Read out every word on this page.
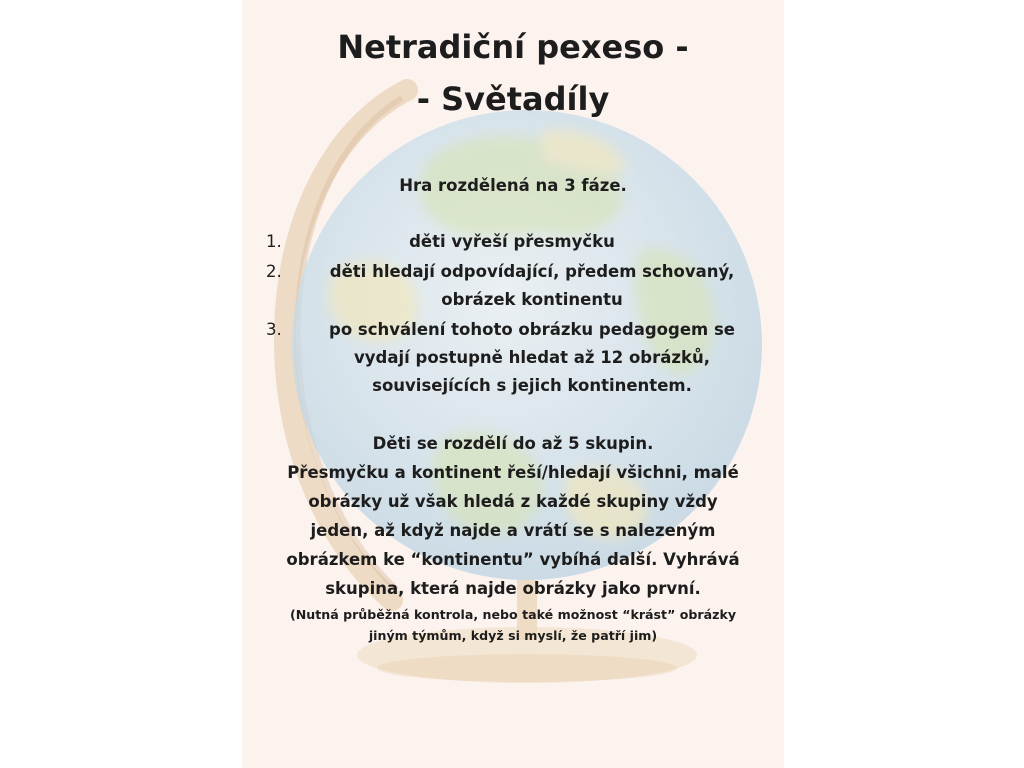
Netradiční pexeso -
- Světadíly
Hra rozdělená na 3 fáze.
1.	děti vyřeší přesmyčku
2.	děti hledají odpovídající, předem schovaný,
obrázek kontinentu
3.	po schválení tohoto obrázku pedagogem se
vydají postupně hledat až 12 obrázků,
souvisejících s jejich kontinentem.
Děti se rozdělí do až 5 skupin.
Přesmyčku a kontinent řeší/hledají všichni, malé
obrázky už však hledá z každé skupiny vždy
jeden, až když najde a vrátí se s nalezeným
obrázkem ke “kontinentu” vybíhá další. Vyhrává
skupina, která najde obrázky jako první.
(Nutná průběžná kontrola, nebo také možnost “krást” obrázky
jiným týmům, když si myslí, že patří jim)
